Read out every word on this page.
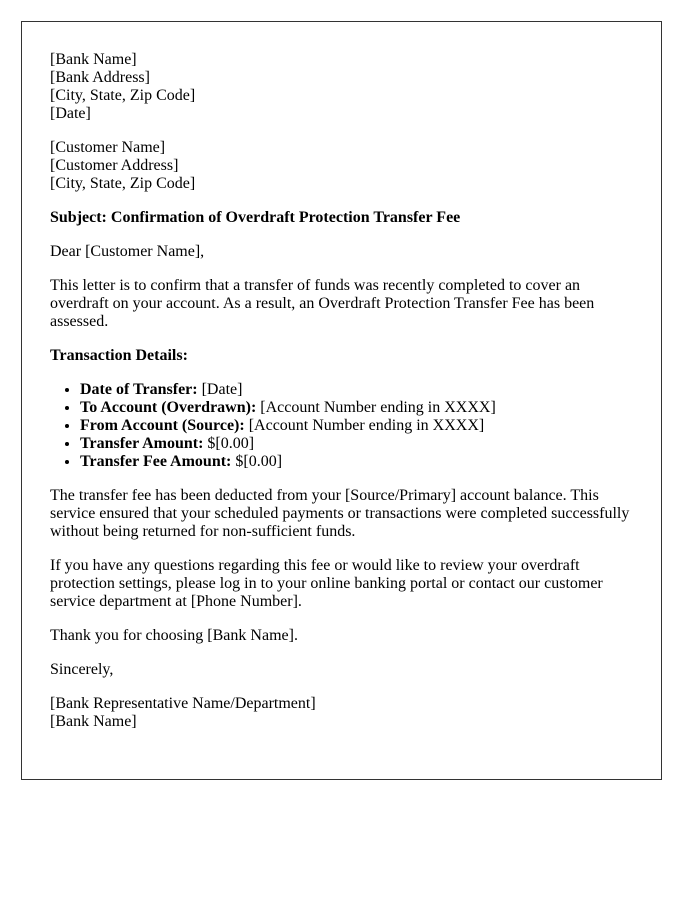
[Bank Name]
[Bank Address]
[City, State, Zip Code]
[Date]
[Customer Name]
[Customer Address]
[City, State, Zip Code]
Subject: Confirmation of Overdraft Protection Transfer Fee
Dear [Customer Name],
This letter is to confirm that a transfer of funds was recently completed to cover an overdraft on your account. As a result, an Overdraft Protection Transfer Fee has been assessed.
Transaction Details:
• Date of Transfer: [Date]
• To Account (Overdrawn): [Account Number ending in XXXX]
• From Account (Source): [Account Number ending in XXXX]
• Transfer Amount: $[0.00]
• Transfer Fee Amount: $[0.00]
The transfer fee has been deducted from your [Source/Primary] account balance. This service ensured that your scheduled payments or transactions were completed successfully without being returned for non-sufficient funds.
If you have any questions regarding this fee or would like to review your overdraft protection settings, please log in to your online banking portal or contact our customer service department at [Phone Number].
Thank you for choosing [Bank Name].
Sincerely,
[Bank Representative Name/Department]
[Bank Name]
